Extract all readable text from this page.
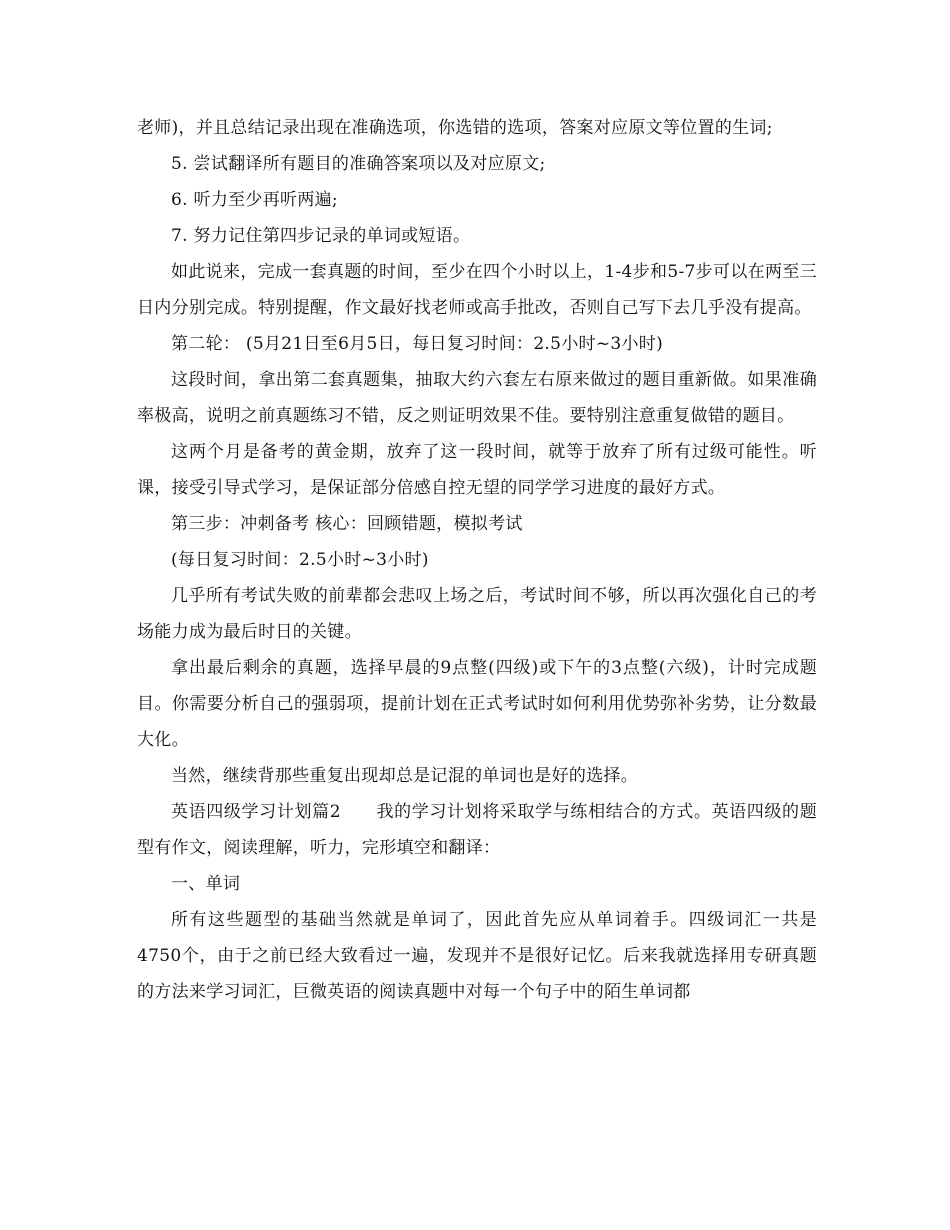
老师)，并且总结记录出现在准确选项，你选错的选项，答案对应原文等位置的生词;

5. 尝试翻译所有题目的准确答案项以及对应原文;

6. 听力至少再听两遍;

7. 努力记住第四步记录的单词或短语。

如此说来，完成一套真题的时间，至少在四个小时以上，1-4步和5-7步可以在两至三日内分别完成。特别提醒，作文最好找老师或高手批改，否则自己写下去几乎没有提高。

第二轮： (5月21日至6月5日，每日复习时间：2.5小时~3小时)

这段时间，拿出第二套真题集，抽取大约六套左右原来做过的题目重新做。如果准确率极高，说明之前真题练习不错，反之则证明效果不佳。要特别注意重复做错的题目。

这两个月是备考的黄金期，放弃了这一段时间，就等于放弃了所有过级可能性。听课，接受引导式学习，是保证部分倍感自控无望的同学学习进度的最好方式。

第三步：冲刺备考 核心：回顾错题，模拟考试

(每日复习时间：2.5小时~3小时)

几乎所有考试失败的前辈都会悲叹上场之后，考试时间不够，所以再次强化自己的考场能力成为最后时日的关键。

拿出最后剩余的真题，选择早晨的9点整(四级)或下午的3点整(六级)，计时完成题目。你需要分析自己的强弱项，提前计划在正式考试时如何利用优势弥补劣势，让分数最大化。

当然，继续背那些重复出现却总是记混的单词也是好的选择。

英语四级学习计划篇2　　我的学习计划将采取学与练相结合的方式。英语四级的题型有作文，阅读理解，听力，完形填空和翻译：

一、单词

所有这些题型的基础当然就是单词了，因此首先应从单词着手。四级词汇一共是4750个，由于之前已经大致看过一遍，发现并不是很好记忆。后来我就选择用专研真题的方法来学习词汇，巨微英语的阅读真题中对每一个句子中的陌生单词都
